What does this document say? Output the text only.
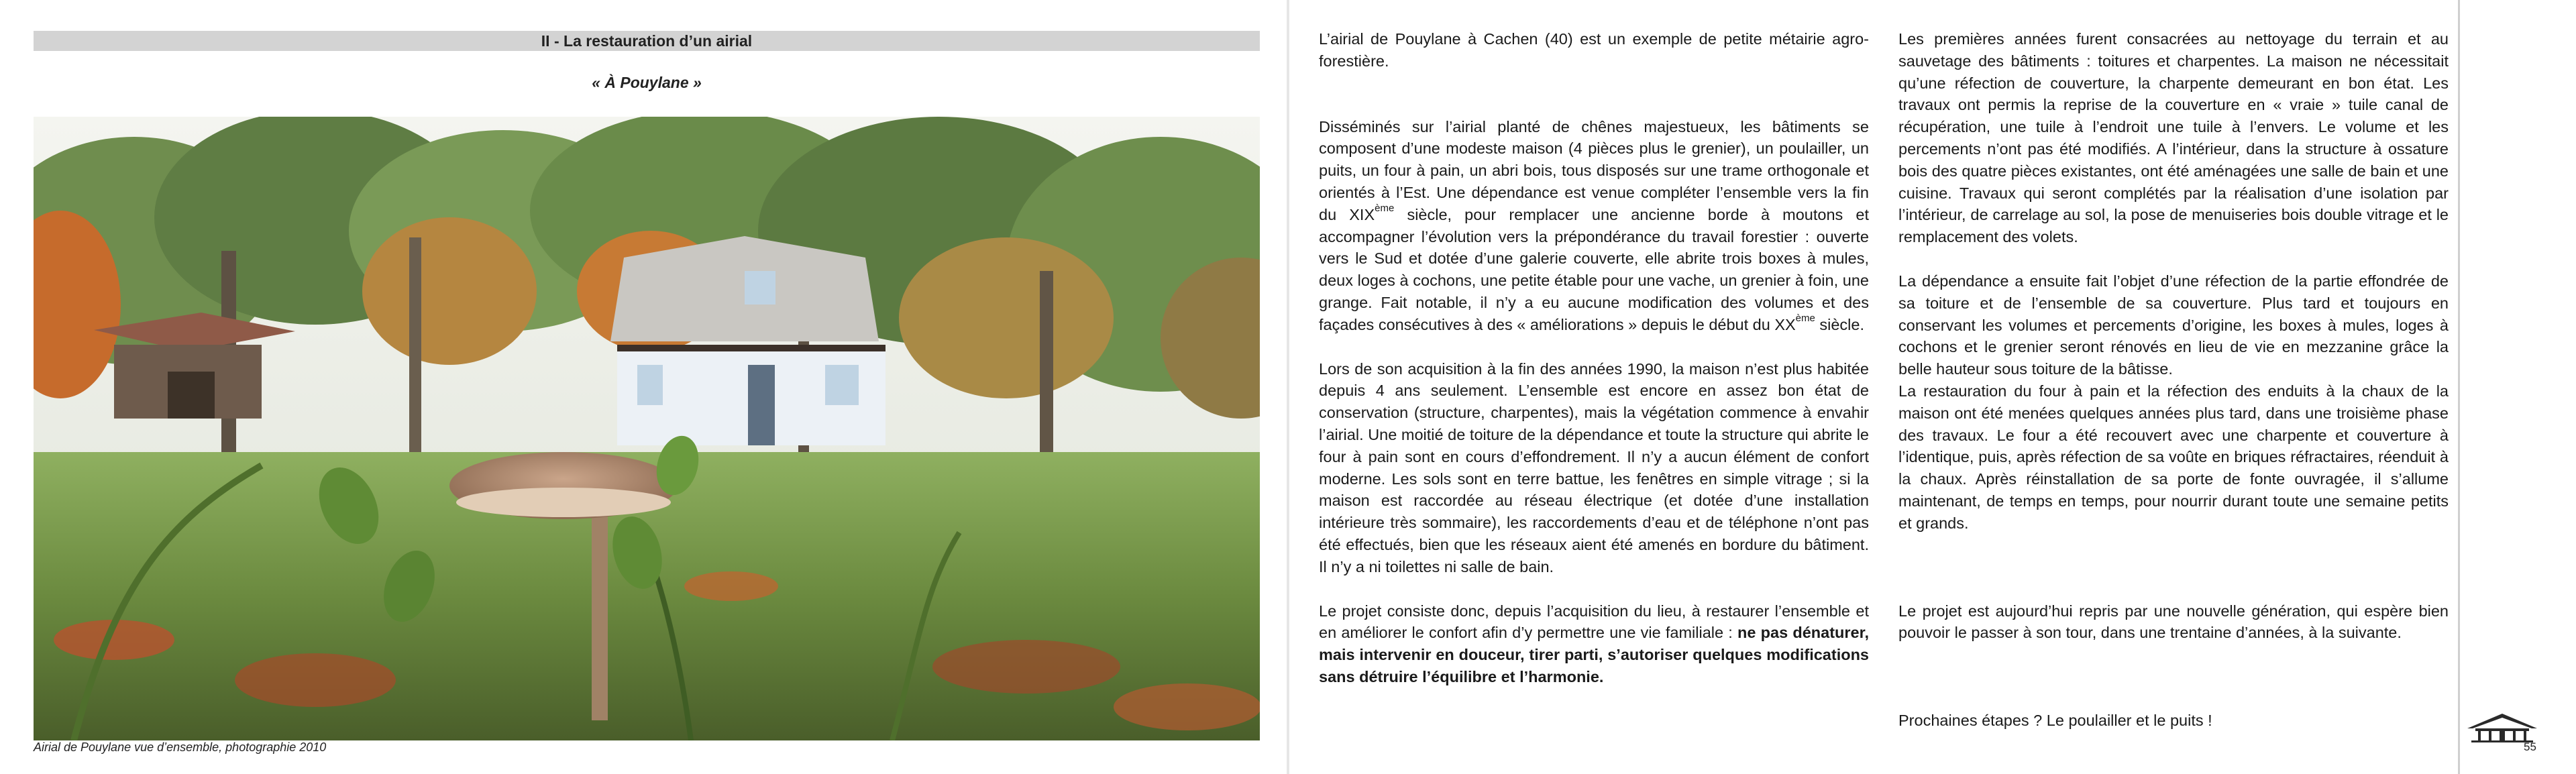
II - La restauration d’un airial
« À Pouylane »
Airial de Pouylane vue d’ensemble, photographie 2010

L’airial de Pouylane à Cachen (40) est un exemple de petite métairie agro-forestière.

Disséminés sur l’airial planté de chênes majestueux, les bâtiments se composent d’une modeste maison (4 pièces plus le grenier), un poulailler, un puits, un four à pain, un abri bois, tous disposés sur une trame orthogonale et orientés à l’Est. Une dépendance est venue compléter l’ensemble vers la fin du XIXème siècle, pour remplacer une ancienne borde à moutons et accompagner l’évolution vers la prépondérance du travail forestier : ouverte vers le Sud et dotée d’une galerie couverte, elle abrite trois boxes à mules, deux loges à cochons, une petite étable pour une vache, un grenier à foin, une grange. Fait notable, il n’y a eu aucune modification des volumes et des façades consécutives à des « améliorations » depuis le début du XXème siècle.

Lors de son acquisition à la fin des années 1990, la maison n’est plus habitée depuis 4 ans seulement. L’ensemble est encore en assez bon état de conservation (structure, charpentes), mais la végétation commence à envahir l’airial. Une moitié de toiture de la dépendance et toute la structure qui abrite le four à pain sont en cours d’effondrement. Il n’y a aucun élément de confort moderne. Les sols sont en terre battue, les fenêtres en simple vitrage ; si la maison est raccordée au réseau électrique (et dotée d’une installation intérieure très sommaire), les raccordements d’eau et de téléphone n’ont pas été effectués, bien que les réseaux aient été amenés en bordure du bâtiment. Il n’y a ni toilettes ni salle de bain.

Le projet consiste donc, depuis l’acquisition du lieu, à restaurer l’ensemble et en améliorer le confort afin d’y permettre une vie familiale : ne pas dénaturer, mais intervenir en douceur, tirer parti, s’autoriser quelques modifications sans détruire l’équilibre et l’harmonie.

Les premières années furent consacrées au nettoyage du terrain et au sauvetage des bâtiments : toitures et charpentes. La maison ne nécessitait qu’une réfection de couverture, la charpente demeurant en bon état. Les travaux ont permis la reprise de la couverture en « vraie » tuile canal de récupération, une tuile à l’endroit une tuile à l’envers. Le volume et les percements n’ont pas été modifiés. A l’intérieur, dans la structure à ossature bois des quatre pièces existantes, ont été aménagées une salle de bain et une cuisine. Travaux qui seront complétés par la réalisation d’une isolation par l’intérieur, de carrelage au sol, la pose de menuiseries bois double vitrage et le remplacement des volets.

La dépendance a ensuite fait l’objet d’une réfection de la partie effondrée de sa toiture et de l’ensemble de sa couverture. Plus tard et toujours en conservant les volumes et percements d’origine, les boxes à mules, loges à cochons et le grenier seront rénovés en lieu de vie en mezzanine grâce la belle hauteur sous toiture de la bâtisse.

La restauration du four à pain et la réfection des enduits à la chaux de la maison ont été menées quelques années plus tard, dans une troisième phase des travaux. Le four a été recouvert avec une charpente et couverture à l’identique, puis, après réfection de sa voûte en briques réfractaires, réenduit à la chaux. Après réinstallation de sa porte de fonte ouvragée, il s’allume maintenant, de temps en temps, pour nourrir durant toute une semaine petits et grands.

Le projet est aujourd’hui repris par une nouvelle génération, qui espère bien pouvoir le passer à son tour, dans une trentaine d’années, à la suivante.

Prochaines étapes ? Le poulailler et le puits !

55
